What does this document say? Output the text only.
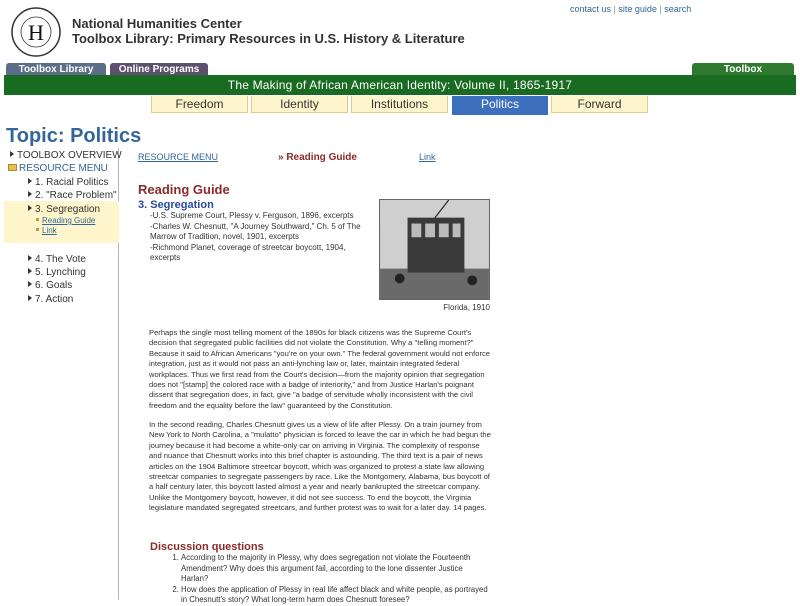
H National Humanities Center
Toolbox Library: Primary Resources in U.S. History & Literature
contact us | site guide | search
Toolbox Library	Online Programs	Toolbox
The Making of African American Identity: Volume II, 1865-1917
Freedom	Identity	Institutions	Politics	Forward
Topic: Politics
TOOLBOX OVERVIEW
RESOURCE MENU
1. Racial Politics
2. "Race Problem"
3. Segregation
Reading Guide
Link
4. The Vote
5. Lynching
6. Goals
7. Action
RESOURCE MENU	» Reading Guide	Link
Reading Guide
3. Segregation
-U.S. Supreme Court, Plessy v. Ferguson, 1896, excerpts
-Charles W. Chesnutt, "A Journey Southward," Ch. 5 of The Marrow of Tradition, novel, 1901, excerpts
-Richmond Planet, coverage of streetcar boycott, 1904, excerpts
Florida, 1910
Perhaps the single most telling moment of the 1890s for black citizens was the Supreme Court's decision that segregated public facilities did not violate the Constitution. Why a "telling moment?" Because it said to African Americans "you're on your own." The federal government would not enforce integration, just as it would not pass an anti-lynching law or, later, maintain integrated federal workplaces. Thus we first read from the Court's decision—from the majority opinion that segregation does not "[stamp] the colored race with a badge of interiority," and from Justice Harlan's poignant dissent that segregation does, in fact, give "a badge of servitude wholly inconsistent with the civil freedom and the equality before the law" guaranteed by the Constitution.
In the second reading, Charles Chesnutt gives us a view of life after Plessy. On a train journey from New York to North Carolina, a "mulatto" physician is forced to leave the car in which he had begun the journey because it had become a white-only car on arriving in Virginia. The complexity of response and nuance that Chesnutt works into this brief chapter is astounding. The third text is a pair of news articles on the 1904 Baltimore streetcar boycott, which was organized to protest a state law allowing streetcar companies to segregate passengers by race. Like the Montgomery, Alabama, bus boycott of a half century later, this boycott lasted almost a year and nearly bankrupted the streetcar company. Unlike the Montgomery boycott, however, it did not see success. To end the boycott, the Virginia legislature mandated segregated streetcars, and further protest was to wait for a later day. 14 pages.
Discussion questions
1. According to the majority in Plessy, why does segregation not violate the Fourteenth Amendment? Why does this argument fail, according to the lone dissenter Justice Harlan?
2. How does the application of Plessy in real life affect black and white people, as portrayed in Chesnutt's story? What long-term harm does Chesnutt foresee?
